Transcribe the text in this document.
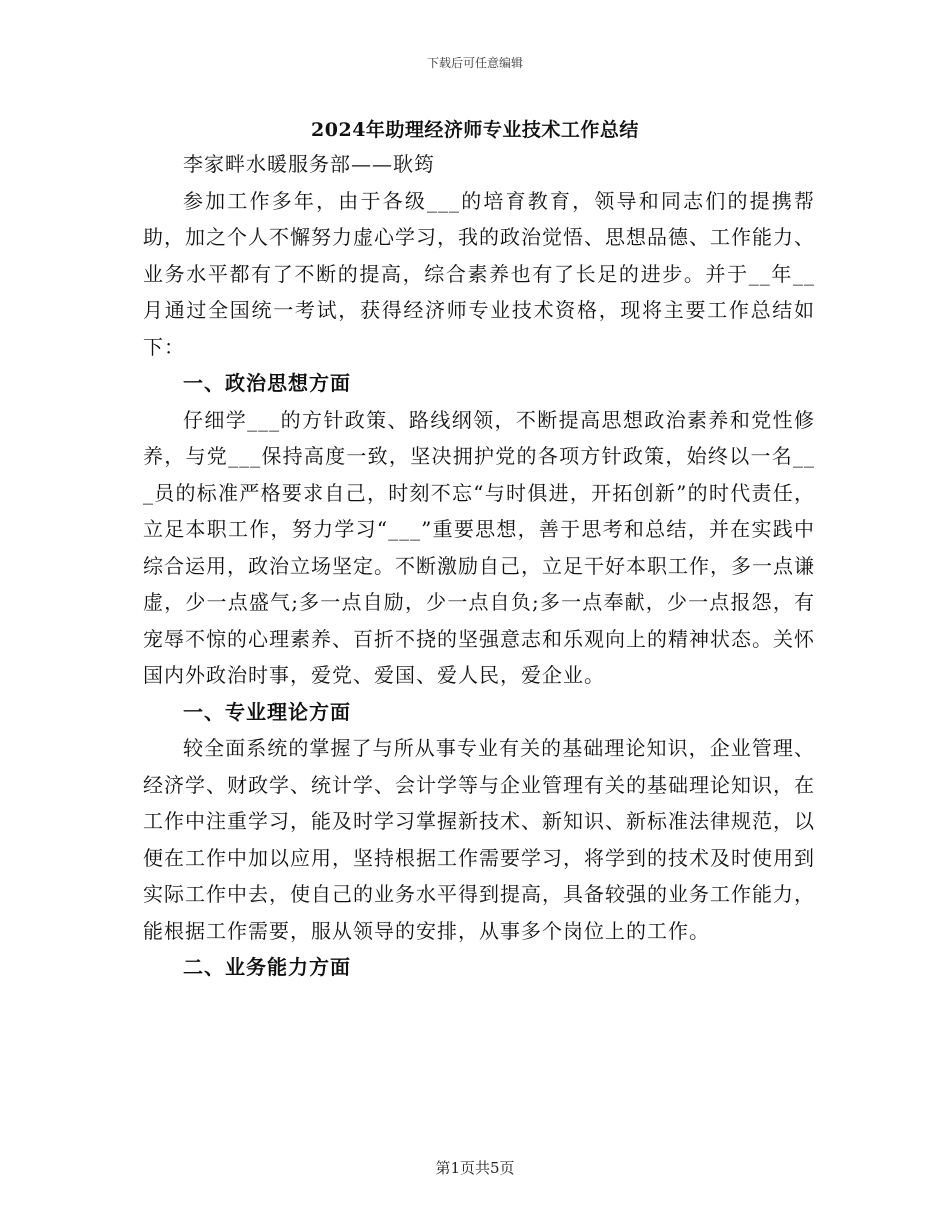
下载后可任意编辑
2024年助理经济师专业技术工作总结

李家畔水暖服务部——耿筠

参加工作多年，由于各级___的培育教育，领导和同志们的提携帮助，加之个人不懈努力虚心学习，我的政治觉悟、思想品德、工作能力、业务水平都有了不断的提高，综合素养也有了长足的进步。并于__年__月通过全国统一考试，获得经济师专业技术资格，现将主要工作总结如下：

一、政治思想方面

仔细学___的方针政策、路线纲领，不断提高思想政治素养和党性修养，与党___保持高度一致，坚决拥护党的各项方针政策，始终以一名___员的标准严格要求自己，时刻不忘“与时俱进，开拓创新”的时代责任，立足本职工作，努力学习“___”重要思想，善于思考和总结，并在实践中综合运用，政治立场坚定。不断激励自己，立足干好本职工作，多一点谦虚，少一点盛气;多一点自励，少一点自负;多一点奉献，少一点报怨，有宠辱不惊的心理素养、百折不挠的坚强意志和乐观向上的精神状态。关怀国内外政治时事，爱党、爱国、爱人民，爱企业。

一、专业理论方面

较全面系统的掌握了与所从事专业有关的基础理论知识，企业管理、经济学、财政学、统计学、会计学等与企业管理有关的基础理论知识，在工作中注重学习，能及时学习掌握新技术、新知识、新标准法律规范，以便在工作中加以应用，坚持根据工作需要学习，将学到的技术及时使用到实际工作中去，使自己的业务水平得到提高，具备较强的业务工作能力，能根据工作需要，服从领导的安排，从事多个岗位上的工作。

二、业务能力方面

第1页共5页
